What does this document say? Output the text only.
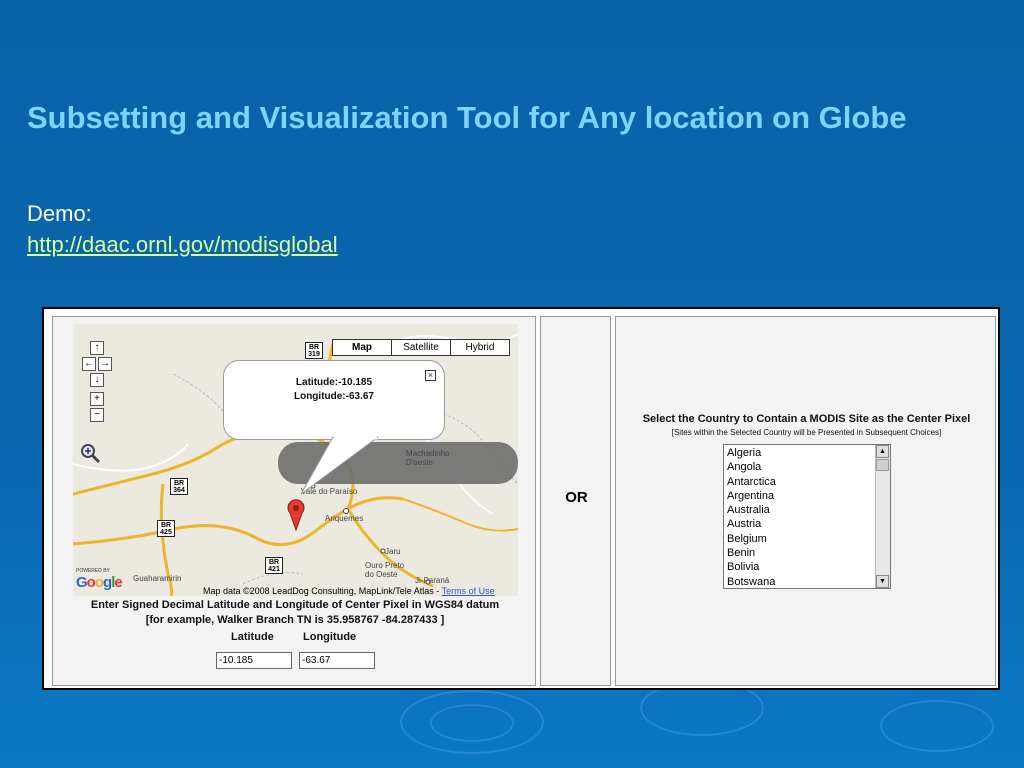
Subsetting and Visualization Tool for Any location on Globe
Demo:
http://daac.ornl.gov/modisglobal
BR
319
BR
364
BR
425
BR
421
Machadinho
D'oeste
Ariquemes
Ouro Preto
do Oeste
Jaru
Ji-Paraná
Guaharamirin
Vale do Paraíso
Map	Satellite	Hybrid
↑
← →
↓
+
−
Latitude:-10.185
Longitude:-63.67
×
POWERED BY
Google	Map data ©2008 LeadDog Consulting, MapLink/Tele Atlas - Terms of Use
Enter Signed Decimal Latitude and Longitude of Center Pixel in WGS84 datum
[for example, Walker Branch TN is 35.958767 -84.287433 ]
Latitude	Longitude
-10.185
-63.67
OR
Select the Country to Contain a MODIS Site as the Center Pixel
[Sites within the Selected Country will be Presented in Subsequent Choices]
Algeria
Angola
Antarctica
Argentina
Australia
Austria
Belgium
Benin
Bolivia
Botswana
▲
▼
